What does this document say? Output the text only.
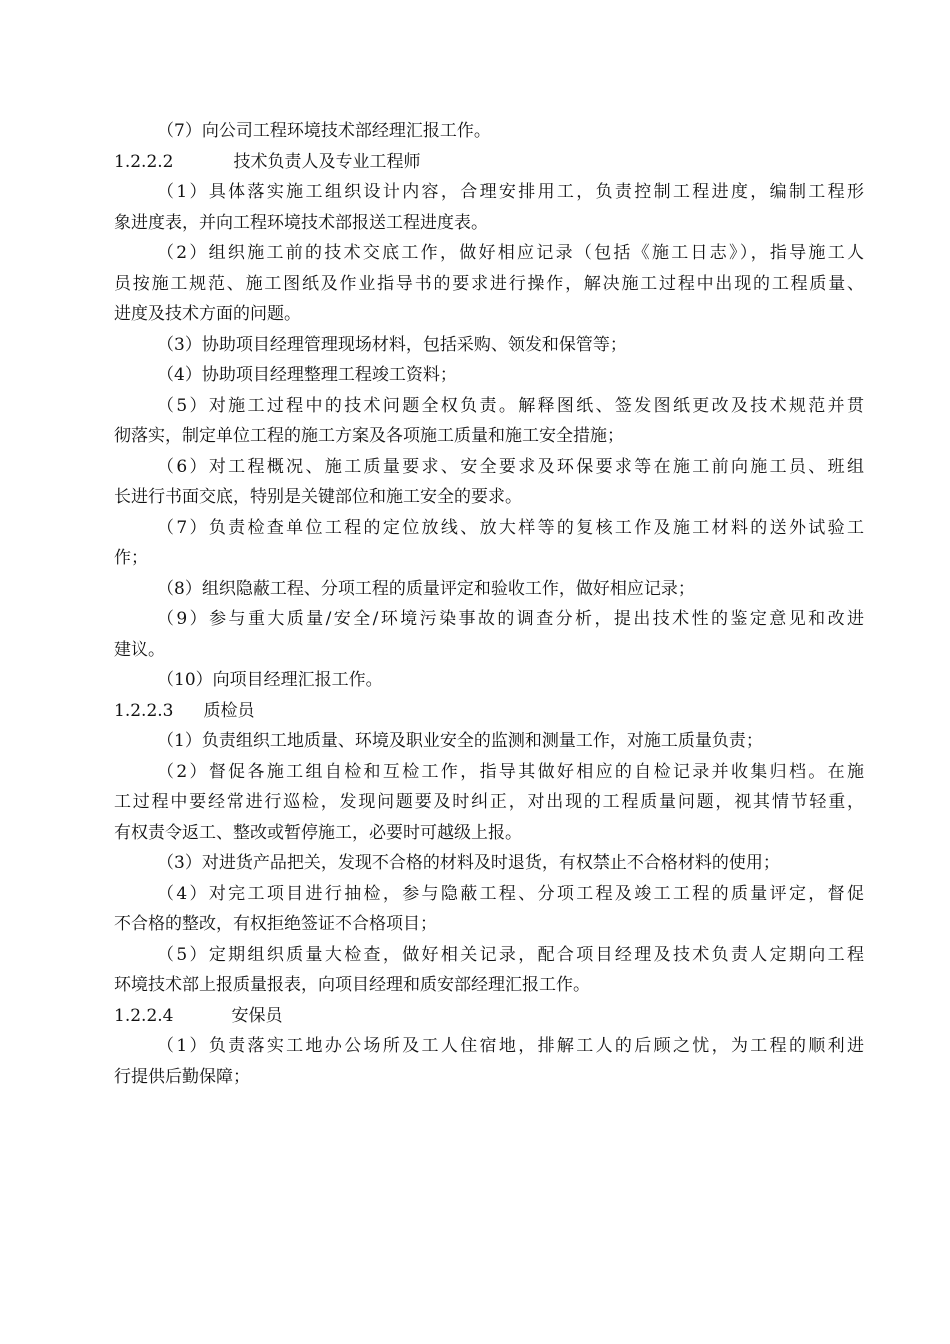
（7）向公司工程环境技术部经理汇报工作。
1.2.2.2	技术负责人及专业工程师
（1）具体落实施工组织设计内容，合理安排用工，负责控制工程进度，编制工程形
象进度表，并向工程环境技术部报送工程进度表。
（2）组织施工前的技术交底工作，做好相应记录（包括《施工日志》），指导施工人
员按施工规范、施工图纸及作业指导书的要求进行操作，解决施工过程中出现的工程质量、
进度及技术方面的问题。
（3）协助项目经理管理现场材料，包括采购、领发和保管等；
（4）协助项目经理整理工程竣工资料；
（5）对施工过程中的技术问题全权负责。解释图纸、签发图纸更改及技术规范并贯
彻落实，制定单位工程的施工方案及各项施工质量和施工安全措施；
（6）对工程概况、施工质量要求、安全要求及环保要求等在施工前向施工员、班组
长进行书面交底，特别是关键部位和施工安全的要求。
（7）负责检查单位工程的定位放线、放大样等的复核工作及施工材料的送外试验工
作；
（8）组织隐蔽工程、分项工程的质量评定和验收工作，做好相应记录；
（9）参与重大质量/安全/环境污染事故的调查分析，提出技术性的鉴定意见和改进
建议。
（10）向项目经理汇报工作。
1.2.2.3 质检员
（1）负责组织工地质量、环境及职业安全的监测和测量工作，对施工质量负责；
（2）督促各施工组自检和互检工作，指导其做好相应的自检记录并收集归档。在施
工过程中要经常进行巡检，发现问题要及时纠正，对出现的工程质量问题，视其情节轻重，
有权责令返工、整改或暂停施工，必要时可越级上报。
（3）对进货产品把关，发现不合格的材料及时退货，有权禁止不合格材料的使用；
（4）对完工项目进行抽检，参与隐蔽工程、分项工程及竣工工程的质量评定，督促
不合格的整改，有权拒绝签证不合格项目；
（5）定期组织质量大检查，做好相关记录，配合项目经理及技术负责人定期向工程
环境技术部上报质量报表，向项目经理和质安部经理汇报工作。
1.2.2.4	安保员
（1）负责落实工地办公场所及工人住宿地，排解工人的后顾之忧，为工程的顺利进
行提供后勤保障；
